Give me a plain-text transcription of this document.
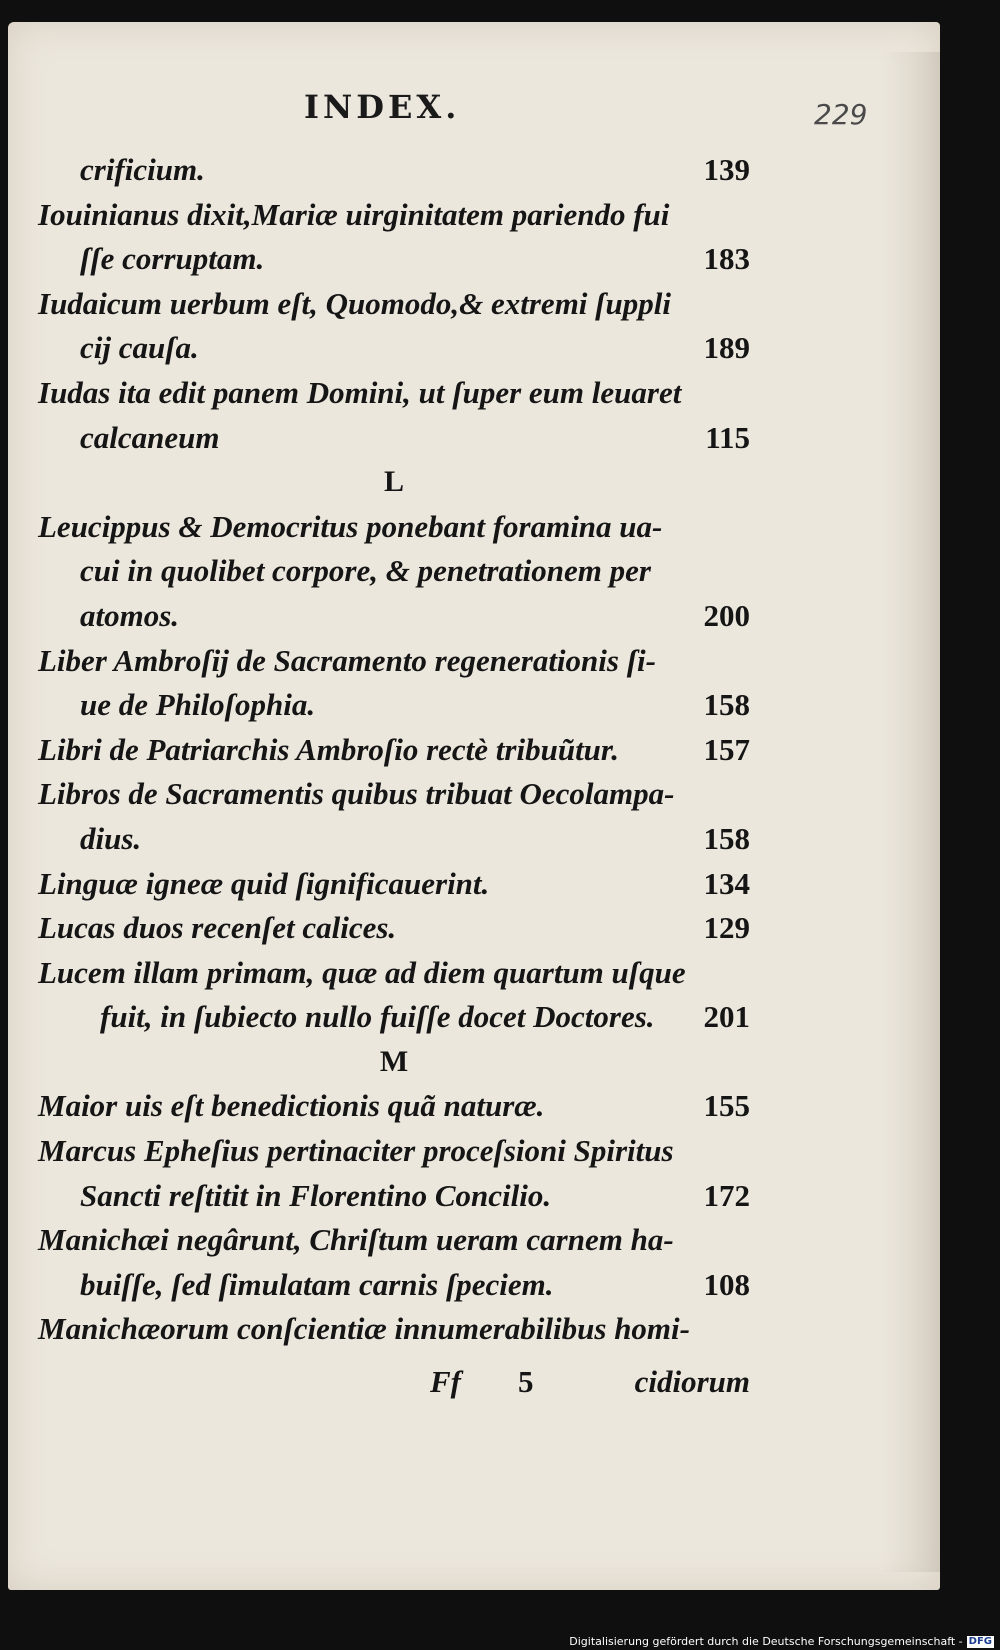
INDEX.	229
crificium.	139
Iouinianus dixit,Mariæ uirginitatem pariendo fui
ſſe corruptam.	183
Iudaicum uerbum eſt, Quomodo,& extremi ſuppli
cij cauſa.	189
Iudas ita edit panem Domini, ut ſuper eum leuaret
calcaneum	115
L
Leucippus & Democritus ponebant foramina ua-
cui in quolibet corpore, & penetrationem per
atomos.	200
Liber Ambroſij de Sacramento regenerationis ſi-
ue de Philoſophia.	158
Libri de Patriarchis Ambroſio rectè tribuũtur.	157
Libros de Sacramentis quibus tribuat Oecolampa-
dius.	158
Linguæ igneæ quid ſignificauerint.	134
Lucas duos recenſet calices.	129
Lucem illam primam, quæ ad diem quartum uſque
fuit, in ſubiecto nullo fuiſſe docet Doctores. 201
M
Maior uis eſt benedictionis quã naturæ.	155
Marcus Epheſius pertinaciter proceſsioni Spiritus
Sancti reſtitit in Florentino Concilio.	172
Manichæi negârunt, Chriſtum ueram carnem ha-
buiſſe, ſed ſimulatam carnis ſpeciem.	108
Manichæorum conſcientiæ innumerabilibus homi-
Ff 5	cidiorum
Digitalisierung gefördert durch die Deutsche Forschungsgemeinschaft - DFG
